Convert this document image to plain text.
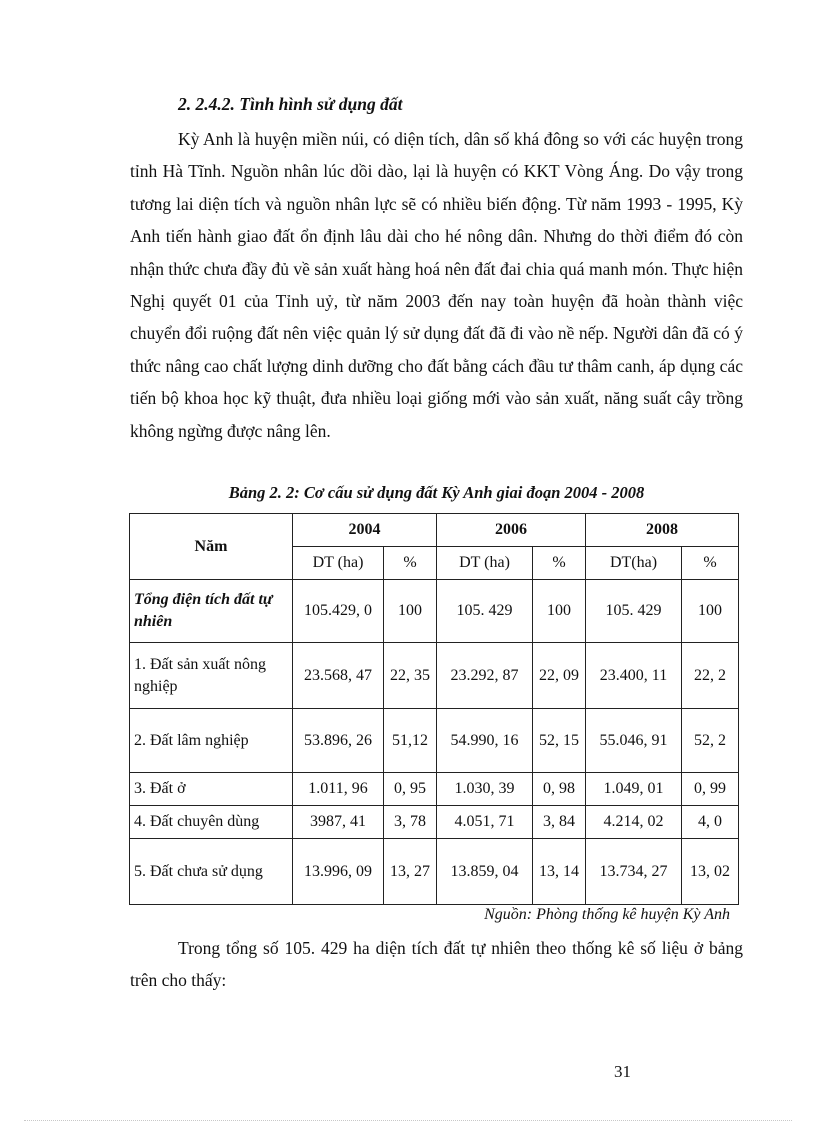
2. 2.4.2. Tình hình sử dụng đất

Kỳ Anh là huyện miền núi, có diện tích, dân số khá đông so với các huyện trong tỉnh Hà Tĩnh. Nguồn nhân lúc dồi dào, lại là huyện có KKT Vòng Áng. Do vậy trong tương lai diện tích và nguồn nhân lực sẽ có nhiều biến động. Từ năm 1993 - 1995, Kỳ Anh tiến hành giao đất ổn định lâu dài cho hé nông dân. Nhưng do thời điểm đó còn nhận thức chưa đầy đủ về sản xuất hàng hoá nên đất đai chia quá manh món. Thực hiện Nghị quyết 01 của Tỉnh uỷ, từ năm 2003 đến nay toàn huyện đã hoàn thành việc chuyển đổi ruộng đất nên việc quản lý sử dụng đất đã đi vào nề nếp. Người dân đã có ý thức nâng cao chất lượng dinh dưỡng cho đất bằng cách đầu tư thâm canh, áp dụng các tiến bộ khoa học kỹ thuật, đưa nhiều loại giống mới vào sản xuất, năng suất cây trồng không ngừng được nâng lên.

Bảng 2. 2: Cơ cấu sử dụng đất Kỳ Anh giai đoạn 2004 - 2008
Năm	2004		2006		2008	
	DT (ha)	%	DT (ha)	%	DT(ha)	%
Tổng điện tích đất tự nhiên	105.429, 0	100	105. 429	100	105. 429	100
1. Đất sản xuất nông nghiệp	23.568, 47	22, 35	23.292, 87	22, 09	23.400, 11	22, 2
2. Đất lâm nghiệp	53.896, 26	51,12	54.990, 16	52, 15	55.046, 91	52, 2
3. Đất ở	1.011, 96	0, 95	1.030, 39	0, 98	1.049, 01	0, 99
4. Đất chuyên dùng	3987, 41	3, 78	4.051, 71	3, 84	4.214, 02	4, 0
5. Đất chưa sử dụng	13.996, 09	13, 27	13.859, 04	13, 14	13.734, 27	13, 02
Nguồn: Phòng thống kê huyện Kỳ Anh

Trong tổng số 105. 429 ha diện tích đất tự nhiên theo thống kê số liệu ở bảng trên cho thấy:

31
